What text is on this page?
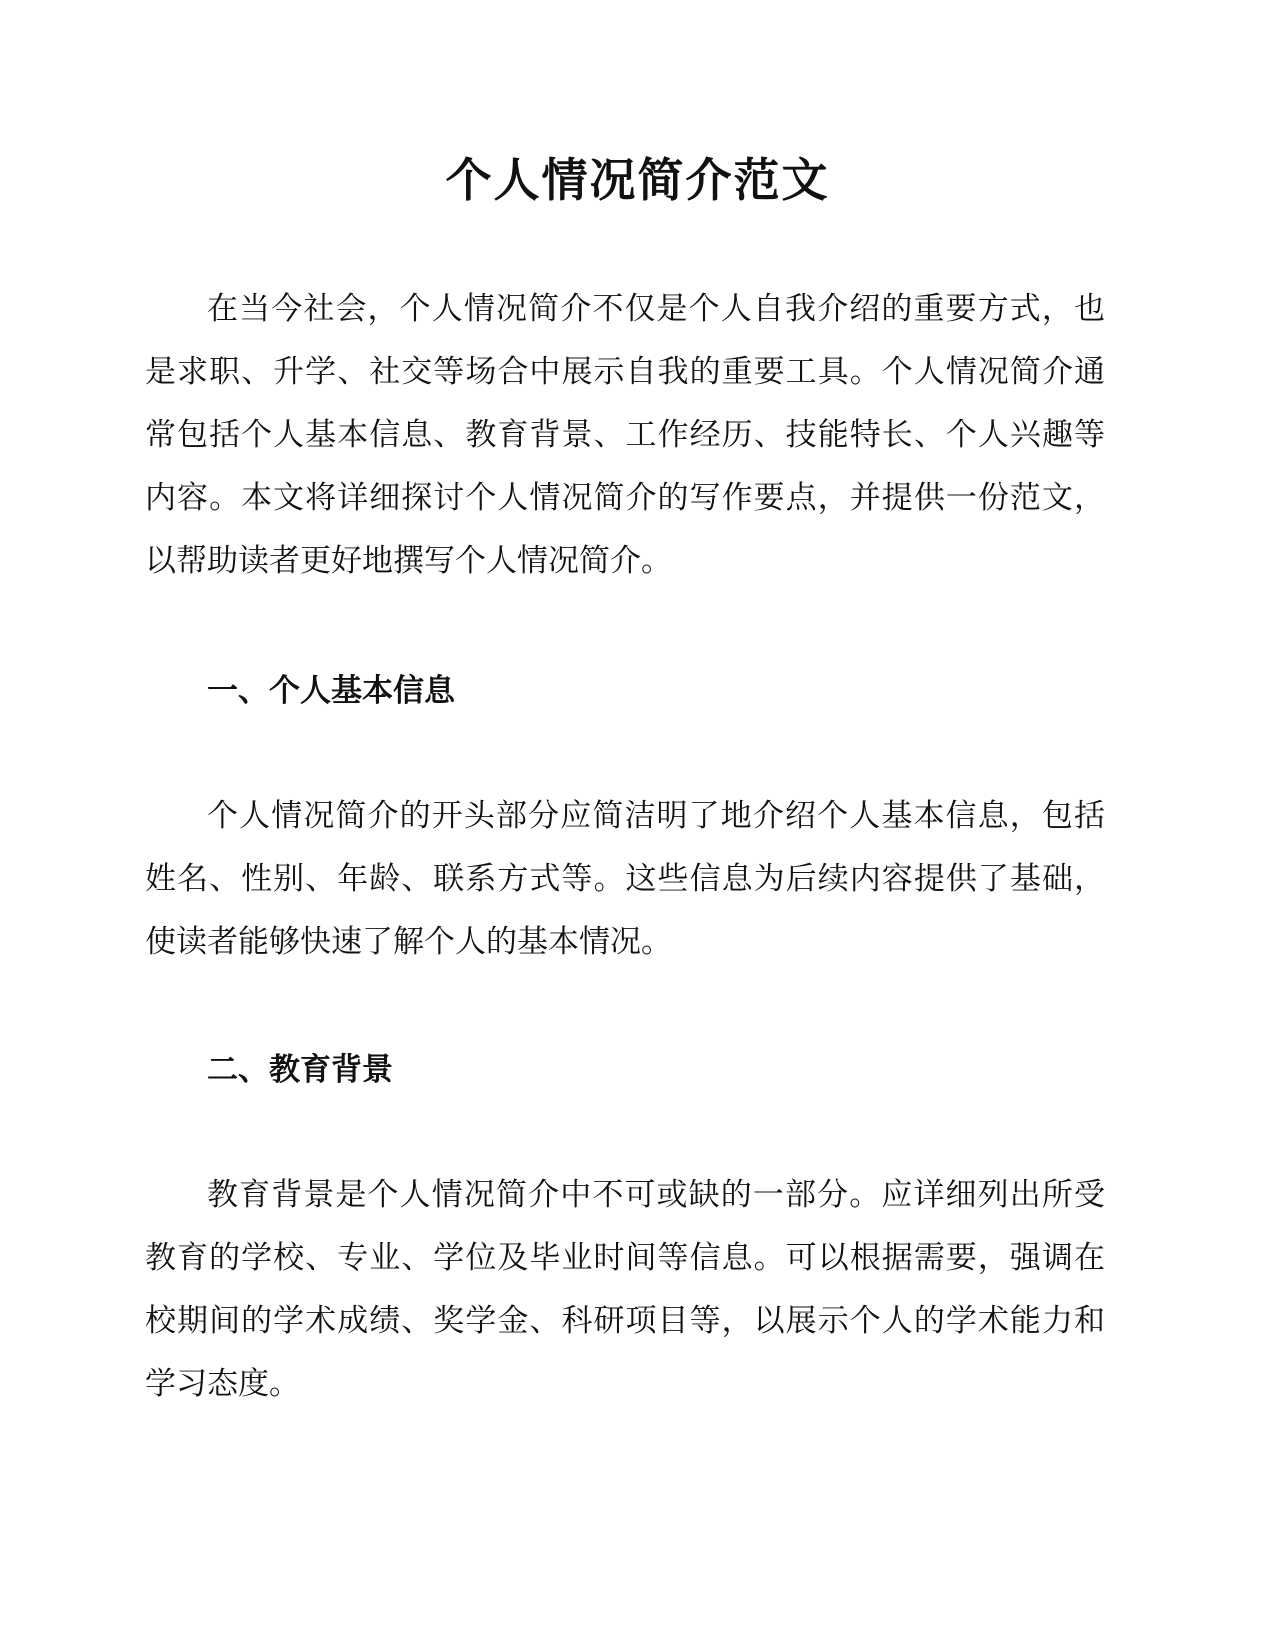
个人情况简介范文

在当今社会，个人情况简介不仅是个人自我介绍的重要方式，也是求职、升学、社交等场合中展示自我的重要工具。个人情况简介通常包括个人基本信息、教育背景、工作经历、技能特长、个人兴趣等内容。本文将详细探讨个人情况简介的写作要点，并提供一份范文，以帮助读者更好地撰写个人情况简介。

一、个人基本信息

个人情况简介的开头部分应简洁明了地介绍个人基本信息，包括姓名、性别、年龄、联系方式等。这些信息为后续内容提供了基础，使读者能够快速了解个人的基本情况。

二、教育背景

教育背景是个人情况简介中不可或缺的一部分。应详细列出所受教育的学校、专业、学位及毕业时间等信息。可以根据需要，强调在校期间的学术成绩、奖学金、科研项目等，以展示个人的学术能力和学习态度。
